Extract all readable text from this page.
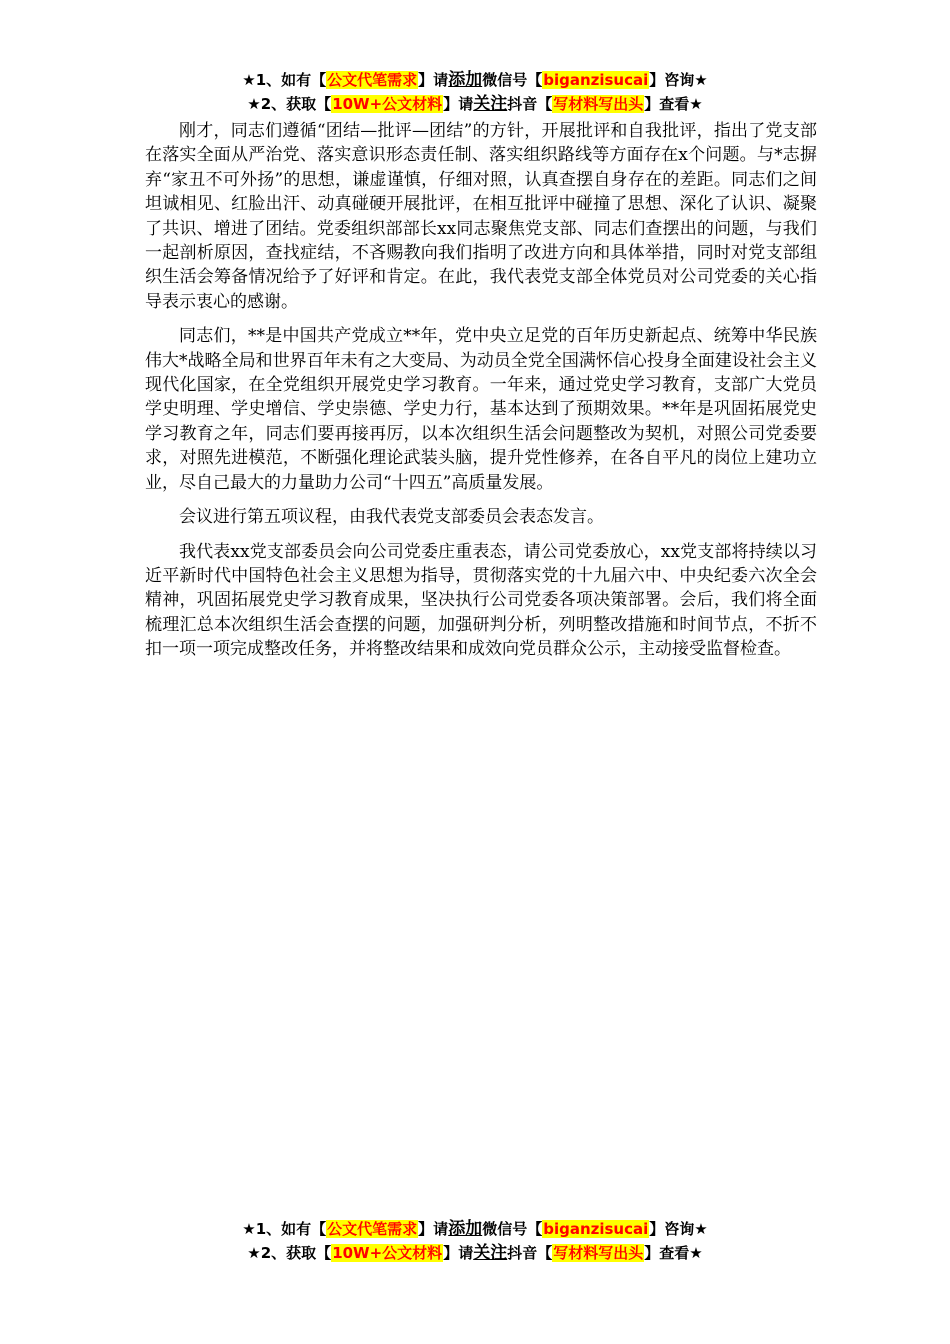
★1、如有【公文代笔需求】请添加微信号【biganzisucai】咨询★
★2、获取【10W+公文材料】请关注抖音【写材料写出头】查看★

刚才，同志们遵循“团结—批评—团结”的方针，开展批评和自我批评，指出了党支部在落实全面从严治党、落实意识形态责任制、落实组织路线等方面存在x个问题。与*志摒弃“家丑不可外扬”的思想，谦虚谨慎，仔细对照，认真查摆自身存在的差距。同志们之间坦诚相见、红脸出汗、动真碰硬开展批评，在相互批评中碰撞了思想、深化了认识、凝聚了共识、增进了团结。党委组织部部长xx同志聚焦党支部、同志们查摆出的问题，与我们一起剖析原因，查找症结，不吝赐教向我们指明了改进方向和具体举措，同时对党支部组织生活会筹备情况给予了好评和肯定。在此，我代表党支部全体党员对公司党委的关心指导表示衷心的感谢。

同志们，**是中国共产党成立**年，党中央立足党的百年历史新起点、统筹中华民族伟大*战略全局和世界百年未有之大变局、为动员全党全国满怀信心投身全面建设社会主义现代化国家，在全党组织开展党史学习教育。一年来，通过党史学习教育，支部广大党员学史明理、学史增信、学史崇德、学史力行，基本达到了预期效果。**年是巩固拓展党史学习教育之年，同志们要再接再厉，以本次组织生活会问题整改为契机，对照公司党委要求，对照先进模范，不断强化理论武装头脑，提升党性修养，在各自平凡的岗位上建功立业，尽自己最大的力量助力公司“十四五”高质量发展。

会议进行第五项议程，由我代表党支部委员会表态发言。

我代表xx党支部委员会向公司党委庄重表态，请公司党委放心，xx党支部将持续以习近平新时代中国特色社会主义思想为指导，贯彻落实党的十九届六中、中央纪委六次全会精神，巩固拓展党史学习教育成果，坚决执行公司党委各项决策部署。会后，我们将全面梳理汇总本次组织生活会查摆的问题，加强研判分析，列明整改措施和时间节点，不折不扣一项一项完成整改任务，并将整改结果和成效向党员群众公示，主动接受监督检查。

★1、如有【公文代笔需求】请添加微信号【biganzisucai】咨询★
★2、获取【10W+公文材料】请关注抖音【写材料写出头】查看★
